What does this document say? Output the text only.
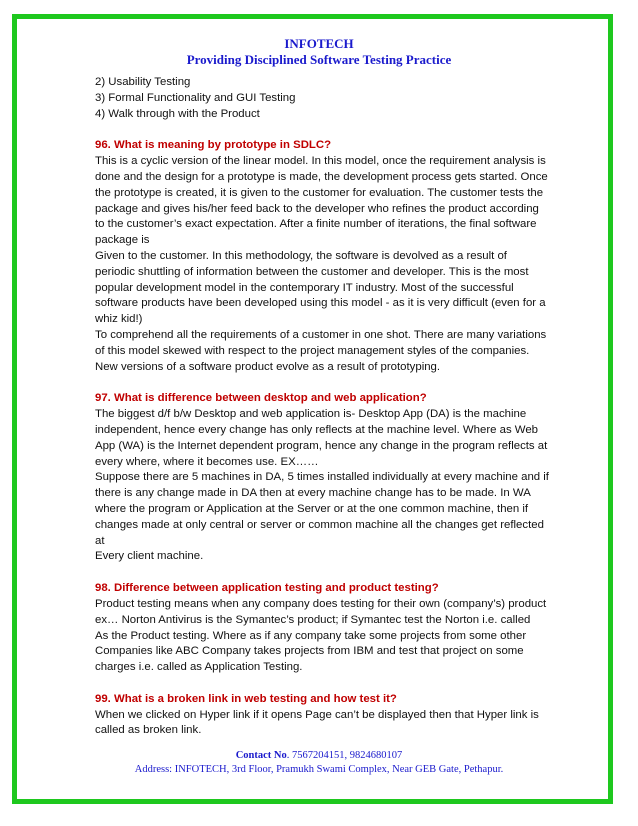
INFOTECH
Providing Disciplined Software Testing Practice

2) Usability Testing

3) Formal Functionality and GUI Testing

4) Walk through with the Product

96. What is meaning by prototype in SDLC?

This is a cyclic version of the linear model. In this model, once the requirement analysis is done and the design for a prototype is made, the development process gets started. Once the prototype is created, it is given to the customer for evaluation. The customer tests the package and gives his/her feed back to the developer who refines the product according to the customer’s exact expectation. After a finite number of iterations, the final software package is

Given to the customer. In this methodology, the software is devolved as a result of periodic shuttling of information between the customer and developer. This is the most popular development model in the contemporary IT industry. Most of the successful software products have been developed using this model - as it is very difficult (even for a whiz kid!)

To comprehend all the requirements of a customer in one shot. There are many variations of this model skewed with respect to the project management styles of the companies.

New versions of a software product evolve as a result of prototyping.

97. What is difference between desktop and web application?

The biggest d/f b/w Desktop and web application is- Desktop App (DA) is the machine independent, hence every change has only reflects at the machine level. Where as Web App (WA) is the Internet dependent program, hence any change in the program reflects at every where, where it becomes use. EX……

Suppose there are 5 machines in DA, 5 times installed individually at every machine and if there is any change made in DA then at every machine change has to be made. In WA where the program or Application at the Server or at the one common machine, then if changes made at only central or server or common machine all the changes get reflected at

Every client machine.

98. Difference between application testing and product testing?

Product testing means when any company does testing for their own (company’s) product ex… Norton Antivirus is the Symantec’s product; if Symantec test the Norton i.e. called

As the Product testing. Where as if any company take some projects from some other Companies like ABC Company takes projects from IBM and test that project on some charges i.e. called as Application Testing.

99. What is a broken link in web testing and how test it?

When we clicked on Hyper link if it opens Page can’t be displayed then that Hyper link is called as broken link.

Contact No. 7567204151, 9824680107
Address: INFOTECH, 3rd Floor, Pramukh Swami Complex, Near GEB Gate, Pethapur.
